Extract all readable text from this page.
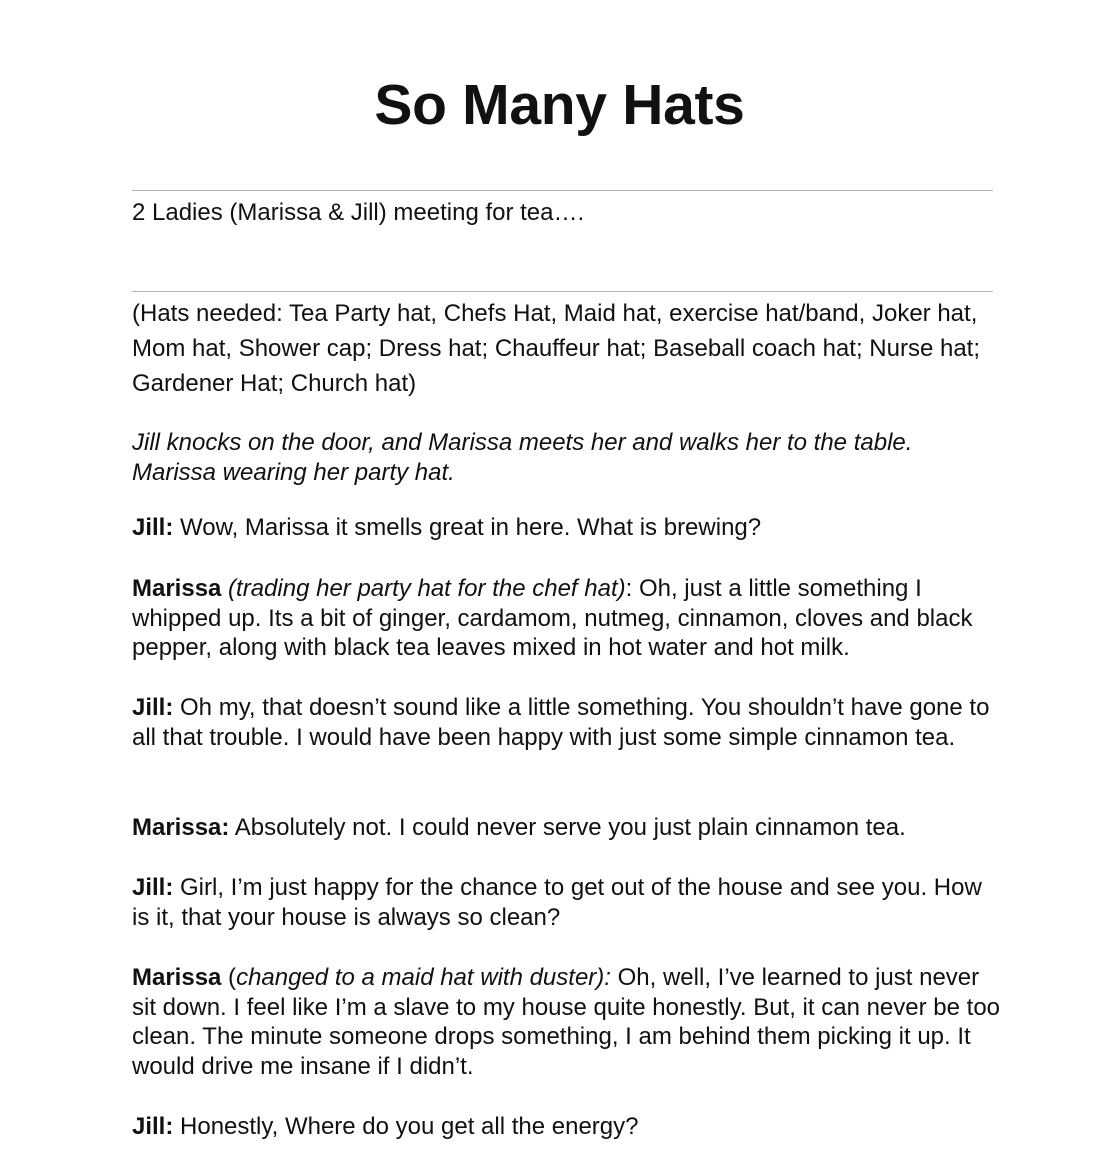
So Many Hats

2 Ladies (Marissa & Jill) meeting for tea….

(Hats needed: Tea Party hat, Chefs Hat, Maid hat, exercise hat/band, Joker hat, Mom hat, Shower cap; Dress hat; Chauffeur hat; Baseball coach hat; Nurse hat; Gardener Hat; Church hat)

Jill knocks on the door, and Marissa meets her and walks her to the table. Marissa wearing her party hat.

Jill: Wow, Marissa it smells great in here. What is brewing?

Marissa (trading her party hat for the chef hat): Oh, just a little something I whipped up. Its a bit of ginger, cardamom, nutmeg, cinnamon, cloves and black pepper, along with black tea leaves mixed in hot water and hot milk.

Jill: Oh my, that doesn’t sound like a little something. You shouldn’t have gone to all that trouble. I would have been happy with just some simple cinnamon tea.

Marissa: Absolutely not. I could never serve you just plain cinnamon tea.

Jill: Girl, I’m just happy for the chance to get out of the house and see you. How is it, that your house is always so clean?

Marissa (changed to a maid hat with duster): Oh, well, I’ve learned to just never sit down. I feel like I’m a slave to my house quite honestly. But, it can never be too clean. The minute someone drops something, I am behind them picking it up. It would drive me insane if I didn’t.

Jill: Honestly, Where do you get all the energy?
